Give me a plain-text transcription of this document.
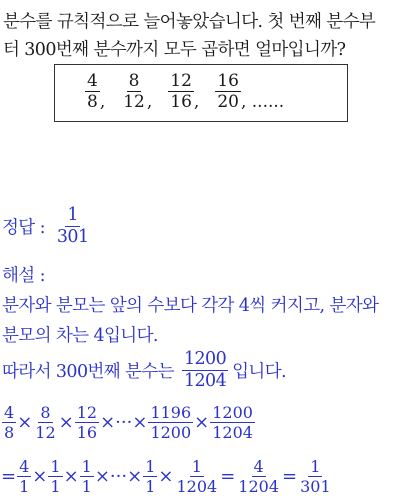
분수를 규칙적으로 늘어놓았습니다. 첫 번째 분수부
터 300번째 분수까지 모두 곱하면 얼마입니까?
$\frac{4}{8}$ , $\frac{8}{12}$ , $\frac{12}{16}$ , $\frac{16}{20}$ , ......
정답 : $\frac{1}{301}$
해설 :
분자와 분모는 앞의 수보다 각각 4씩 커지고, 분자와
분모의 차는 4입니다.
따라서 300번째 분수는 $\frac{1200}{1204}$ 입니다.
$\frac{4}{8} \times \frac{8}{12} \times \frac{12}{16}$ ×···× $\frac{1196}{1200} \times \frac{1200}{1204}$
= $\frac{4}{1} \times \frac{1}{1} \times \frac{1}{1}$ ×···× $\frac{1}{1} \times \frac{1}{1204} = \frac{4}{1204} = \frac{1}{301}$
